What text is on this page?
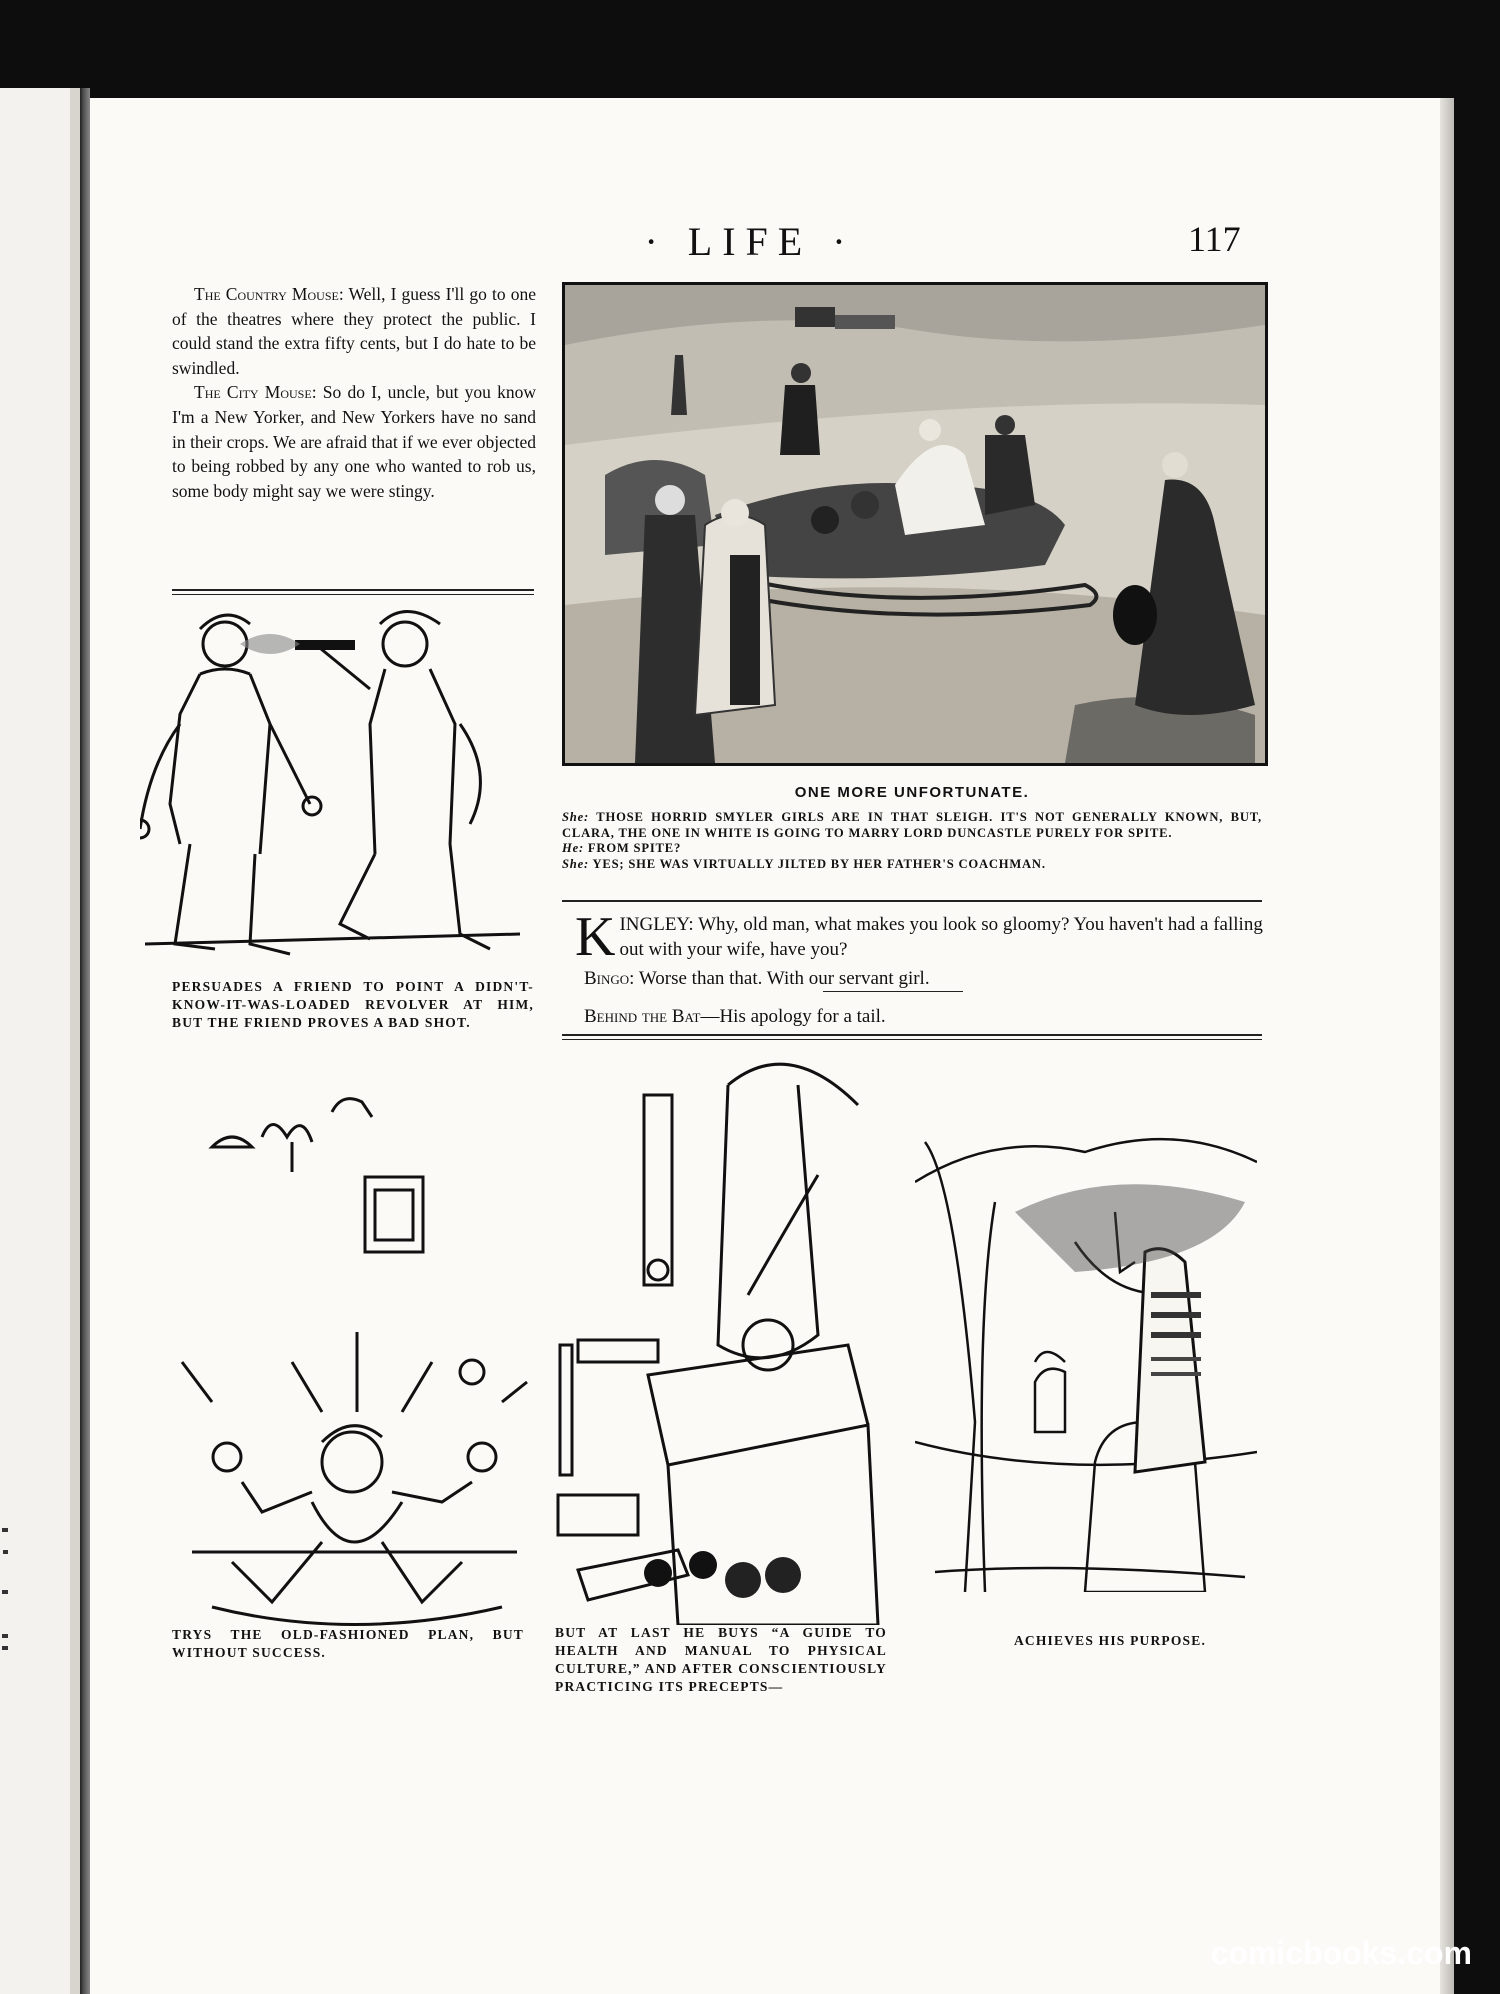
· LIFE ·	117

The Country Mouse: Well, I guess I'll go to one of the theatres where they protect the public. I could stand the extra fifty cents, but I do hate to be swindled.

The City Mouse: So do I, uncle, but you know I'm a New Yorker, and New Yorkers have no sand in their crops. We are afraid that if we ever objected to being robbed by any one who wanted to rob us, some body might say we were stingy.

ONE MORE UNFORTUNATE.
She: THOSE HORRID SMYLER GIRLS ARE IN THAT SLEIGH. IT'S NOT GENERALLY KNOWN, BUT, CLARA, THE ONE IN WHITE IS GOING TO MARRY LORD DUNCASTLE PURELY FOR SPITE.
He: FROM SPITE?
She: YES; SHE WAS VIRTUALLY JILTED BY HER FATHER'S COACHMAN.
KINGLEY: Why, old man, what makes you look so gloomy? You haven't had a falling out with your wife, have you?
Bingo: Worse than that. With our servant girl.
Behind the Bat—His apology for a tail.
PERSUADES A FRIEND TO POINT A DIDN'T-KNOW-IT-WAS-LOADED REVOLVER AT HIM, BUT THE FRIEND PROVES A BAD SHOT.
TRYS THE OLD-FASHIONED PLAN, BUT WITHOUT SUCCESS.
BUT AT LAST HE BUYS “A GUIDE TO HEALTH AND MANUAL TO PHYSICAL CULTURE,” AND AFTER CONSCIENTIOUSLY PRACTICING ITS PRECEPTS—
ACHIEVES HIS PURPOSE.
comicbooks.com
